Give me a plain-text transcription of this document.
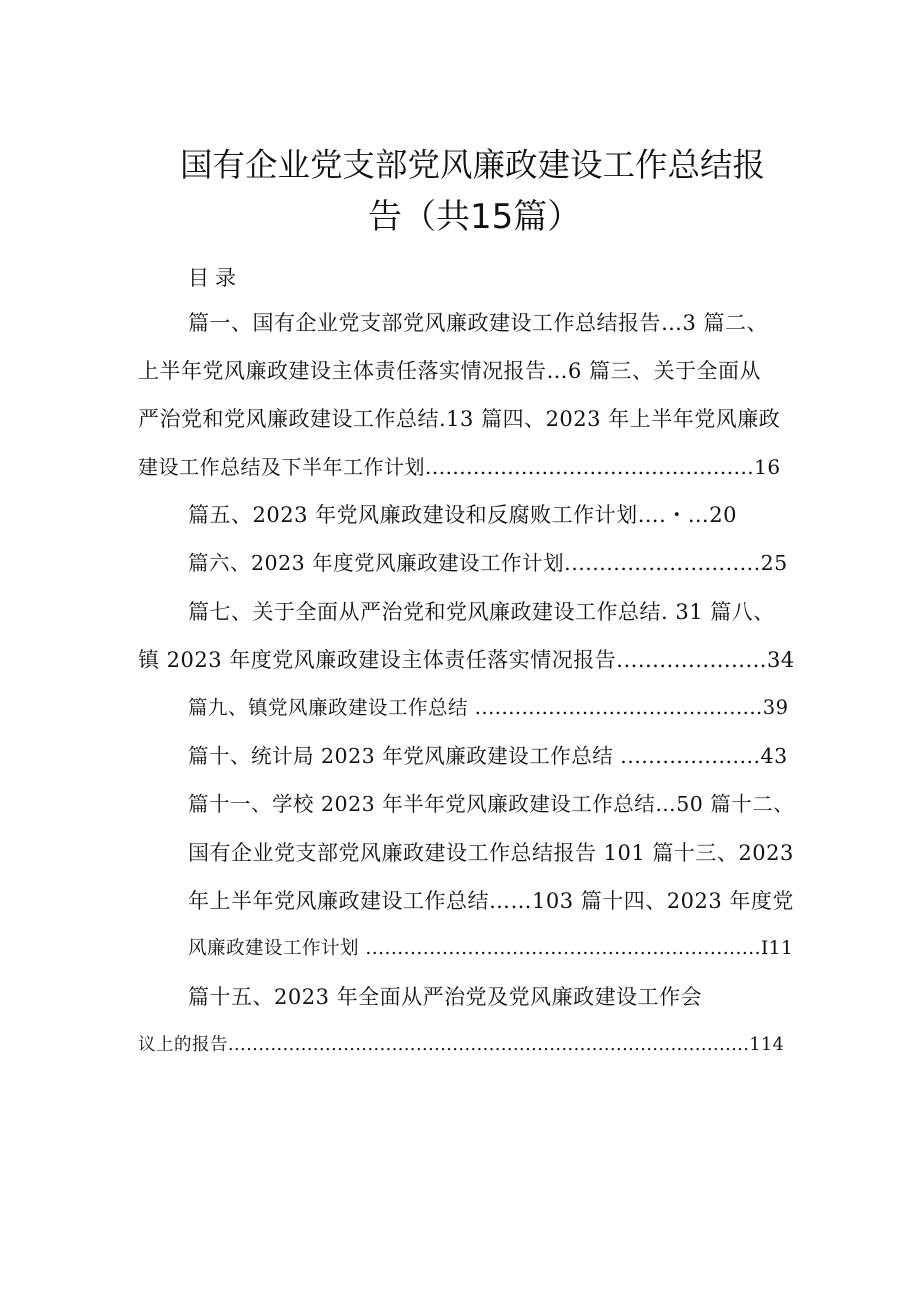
国有企业党支部党风廉政建设工作总结报
告（共15篇）
目录
篇一、国有企业党支部党风廉政建设工作总结报告…3 篇二、
上半年党风廉政建设主体责任落实情况报告…6 篇三、关于全面从
严治党和党风廉政建设工作总结.13 篇四、2023 年上半年党风廉政
建设工作总结及下半年工作计划................................................16
篇五、2023 年党风廉政建设和反腐败工作计划….・…20
篇六、2023 年度党风廉政建设工作计划............................25
篇七、关于全面从严治党和党风廉政建设工作总结. 31 篇八、
镇 2023 年度党风廉政建设主体责任落实情况报告.....................34
篇九、镇党风廉政建设工作总结 ...........................................39
篇十、统计局 2023 年党风廉政建设工作总结 ....................43
篇十一、学校 2023 年半年党风廉政建设工作总结…50 篇十二、
国有企业党支部党风廉政建设工作总结报告 101 篇十三、2023
年上半年党风廉政建设工作总结……103 篇十四、2023 年度党
风廉政建设工作计划 ..............................................................I11
篇十五、2023 年全面从严治党及党风廉政建设工作会
议上的报告......................................................................................114
